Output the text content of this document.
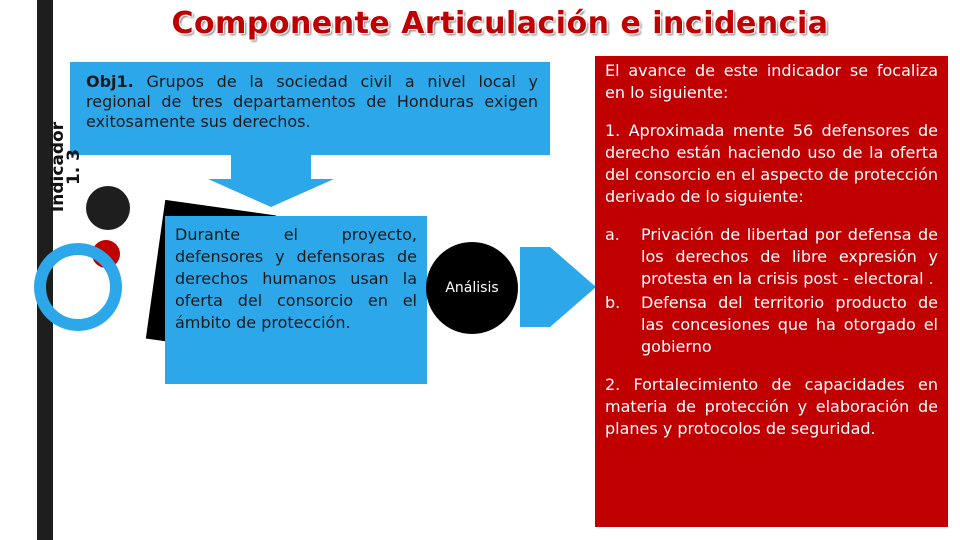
Componente Articulación e incidencia
Obj1. Grupos de la sociedad civil a nivel local y regional de tres departamentos de Honduras exigen exitosamente sus derechos.
Indicador
1. 3
Durante el proyecto, defensores y defensoras de derechos humanos usan la oferta del consorcio en el ámbito de protección.
Análisis

El avance de este indicador se focaliza en lo siguiente:

1. Aproximada mente 56 defensores de derecho están haciendo uso de la oferta del consorcio en el aspecto de protección derivado de lo siguiente:

a.	Privación de libertad por defensa de los derechos de libre expresión y protesta en la crisis post - electoral .
b.	Defensa del territorio producto de las concesiones que ha otorgado el gobierno

2. Fortalecimiento de capacidades en materia de protección y elaboración de planes y protocolos de seguridad.
